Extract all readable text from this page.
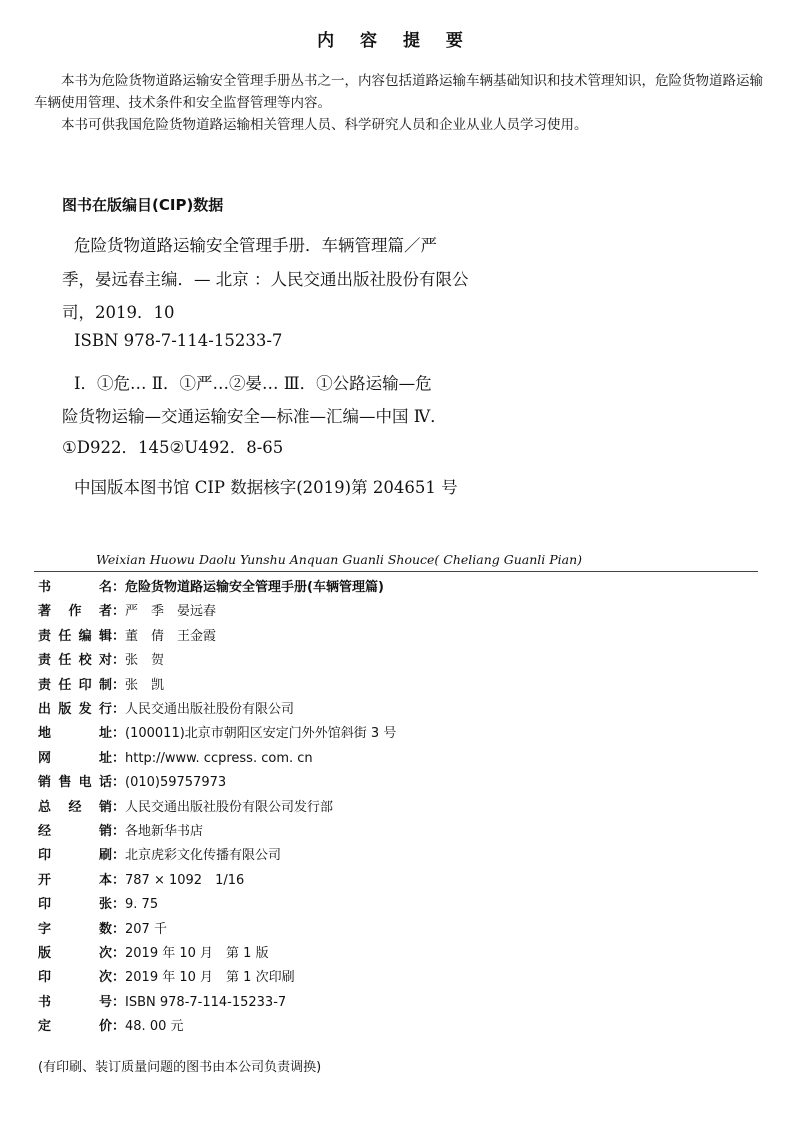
内 容 提 要

本书为危险货物道路运输安全管理手册丛书之一，内容包括道路运输车辆基础知识和技术管理知识，危险货物道路运输车辆使用管理、技术条件和安全监督管理等内容。

本书可供我国危险货物道路运输相关管理人员、科学研究人员和企业从业人员学习使用。

图书在版编目(CIP)数据
危险货物道路运输安全管理手册．车辆管理篇／严
季，晏远春主编．— 北京 ：人民交通出版社股份有限公
司，2019．10
ISBN 978-7-114-15233-7
Ⅰ．①危… Ⅱ．①严…②晏… Ⅲ．①公路运输—危
险货物运输—交通运输安全—标准—汇编—中国 Ⅳ．
①D922．145②U492．8-65
中国版本图书馆 CIP 数据核字(2019)第 204651 号
Weixian Huowu Daolu Yunshu Anquan Guanli Shouce( Cheliang Guanli Pian)
书名：危险货物道路运输安全管理手册(车辆管理篇)
著作者：严　季　晏远春
责任编辑：董　倩　王金霞
责任校对：张　贺
责任印制：张　凯
出版发行：人民交通出版社股份有限公司
地址：(100011)北京市朝阳区安定门外外馆斜街 3 号
网址：http://www. ccpress. com. cn
销售电话：(010)59757973
总经销：人民交通出版社股份有限公司发行部
经销：各地新华书店
印刷：北京虎彩文化传播有限公司
开本：787 × 1092　1/16
印张：9. 75
字数：207 千
版次：2019 年 10 月　第 1 版
印次：2019 年 10 月　第 1 次印刷
书号：ISBN 978-7-114-15233-7
定价：48. 00 元
(有印刷、装订质量问题的图书由本公司负责调换)
